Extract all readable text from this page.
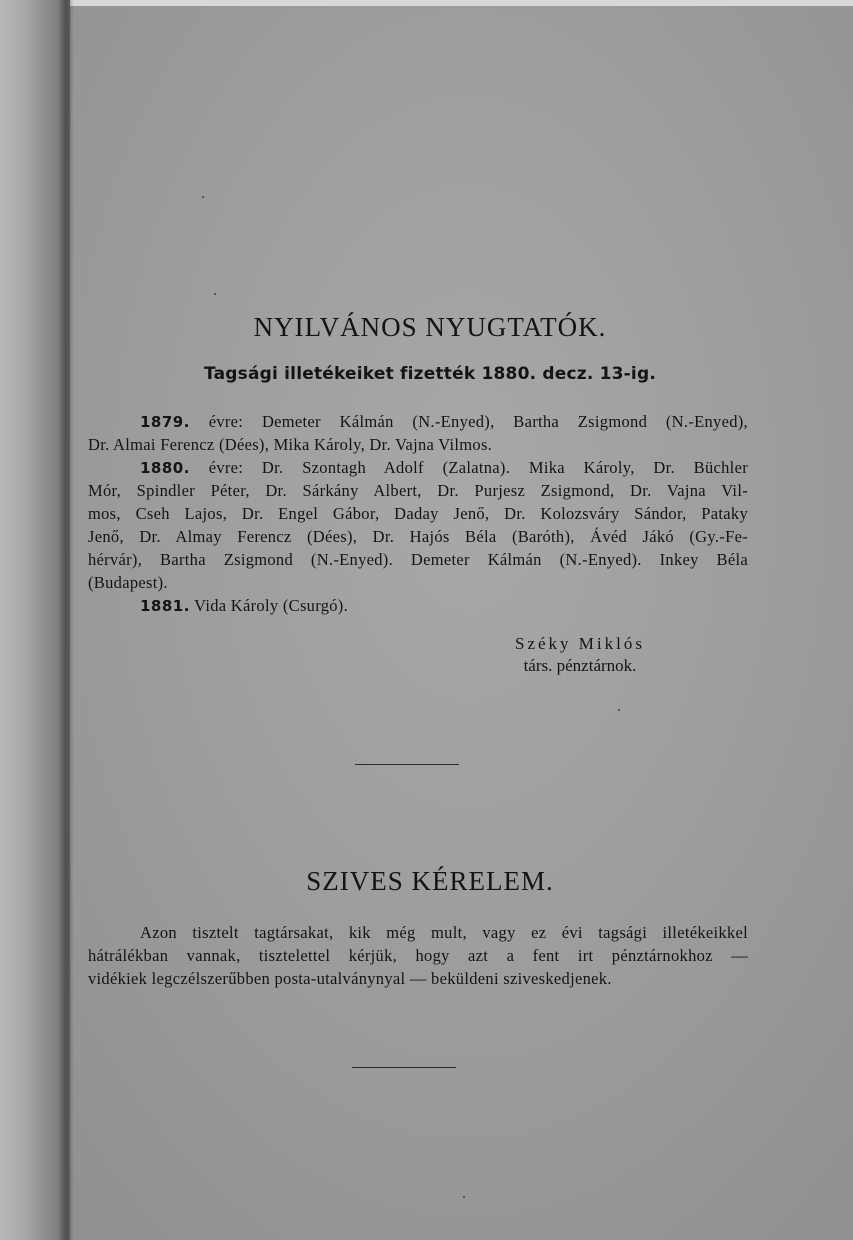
NYILVÁNOS NYUGTATÓK.
Tagsági illetékeiket fizették 1880. decz. 13-ig.
1879. évre: Demeter Kálmán (N.-Enyed), Bartha Zsigmond (N.-Enyed),
Dr. Almai Ferencz (Dées), Mika Károly, Dr. Vajna Vilmos.
1880. évre: Dr. Szontagh Adolf (Zalatna). Mika Károly, Dr. Büchler
Mór, Spindler Péter, Dr. Sárkány Albert, Dr. Purjesz Zsigmond, Dr. Vajna Vil-
mos, Cseh Lajos, Dr. Engel Gábor, Daday Jenő, Dr. Kolozsváry Sándor, Pataky
Jenő, Dr. Almay Ferencz (Dées), Dr. Hajós Béla (Baróth), Ávéd Jákó (Gy.-Fe-
hérvár), Bartha Zsigmond (N.-Enyed). Demeter Kálmán (N.-Enyed). Inkey Béla
(Budapest).
1881. Vida Károly (Csurgó).
Széky Miklós
társ. pénztárnok.
SZIVES KÉRELEM.
Azon tisztelt tagtársakat, kik még mult, vagy ez évi tagsági illetékeikkel
hátrálékban vannak, tisztelettel kérjük, hogy azt a fent irt pénztárnokhoz —
vidékiek legczélszerűbben posta-utalványnyal — beküldeni sziveskedjenek.
